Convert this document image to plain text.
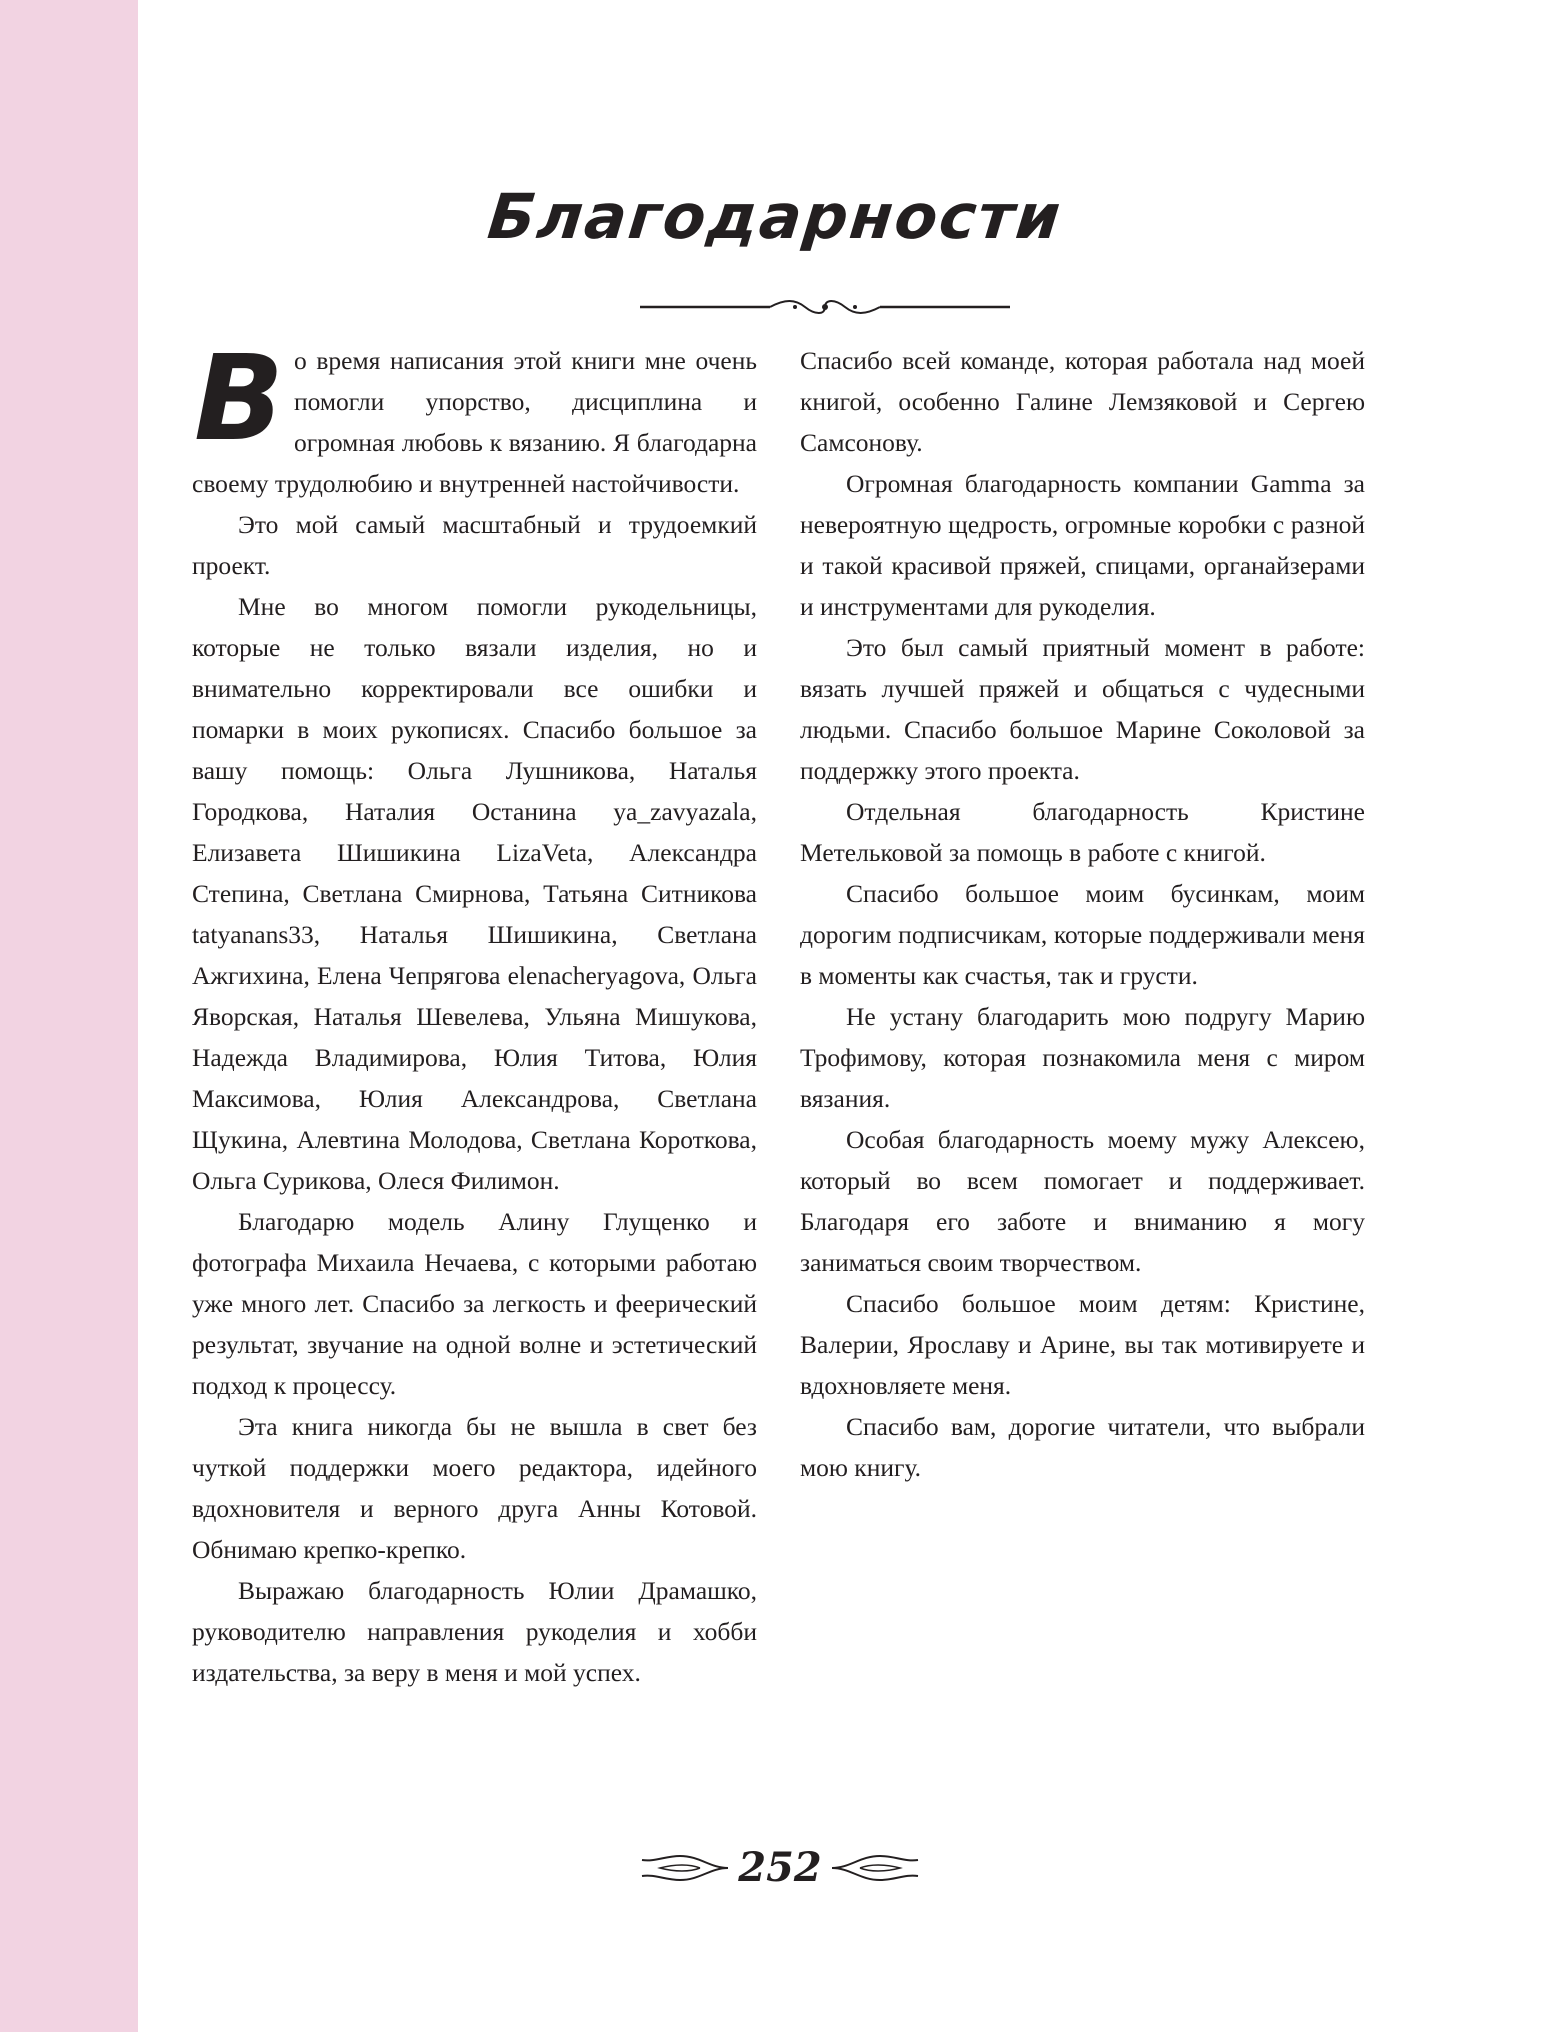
Благодарности

Во время написания этой книги мне очень помогли упорство, дисциплина и огромная любовь к вязанию. Я благодарна своему трудолюбию и внутренней настойчивости.

Это мой самый масштабный и трудоемкий проект.

Мне во многом помогли рукодельницы, которые не только вязали изделия, но и внимательно корректировали все ошибки и помарки в моих рукописях. Спасибо большое за вашу помощь: Ольга Лушникова, Наталья Городкова, Наталия Останина ya_zavyazala, Елизавета Шишикина LizaVeta, Александра Степина, Светлана Смирнова, Татьяна Ситникова tatyanans33, Наталья Шишикина, Светлана Ажгихина, Елена Чепрягова elenacheryagova, Ольга Яворская, Наталья Шевелева, Ульяна Мишукова, Надежда Владимирова, Юлия Титова, Юлия Максимова, Юлия Александрова, Светлана Щукина, Алевтина Молодова, Светлана Короткова, Ольга Сурикова, Олеся Филимон.

Благодарю модель Алину Глущенко и фотографа Михаила Нечаева, с которыми работаю уже много лет. Спасибо за легкость и феерический результат, звучание на одной волне и эстетический подход к процессу.

Эта книга никогда бы не вышла в свет без чуткой поддержки моего редактора, идейного вдохновителя и верного друга Анны Котовой. Обнимаю крепко-крепко.

Выражаю благодарность Юлии Драмашко, руководителю направления рукоделия и хобби издательства, за веру в меня и мой успех.

Спасибо всей команде, которая работала над моей книгой, особенно Галине Лемзяковой и Сергею Самсонову.

Огромная благодарность компании Gamma за невероятную щедрость, огромные коробки с разной и такой красивой пряжей, спицами, органайзерами и инструментами для рукоделия.

Это был самый приятный момент в работе: вязать лучшей пряжей и общаться с чудесными людьми. Спасибо большое Марине Соколовой за поддержку этого проекта.

Отдельная благодарность Кристине Метельковой за помощь в работе с книгой.

Спасибо большое моим бусинкам, моим дорогим подписчикам, которые поддерживали меня в моменты как счастья, так и грусти.

Не устану благодарить мою подругу Марию Трофимову, которая познакомила меня с миром вязания.

Особая благодарность моему мужу Алексею, который во всем помогает и поддерживает. Благодаря его заботе и вниманию я могу заниматься своим творчеством.

Спасибо большое моим детям: Кристине, Валерии, Ярославу и Арине, вы так мотивируете и вдохновляете меня.

Спасибо вам, дорогие читатели, что выбрали мою книгу.

252
